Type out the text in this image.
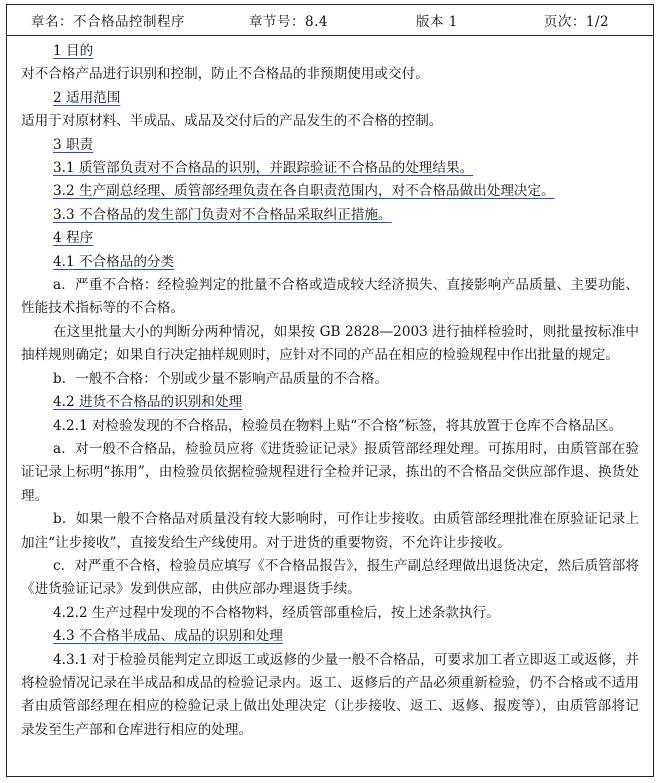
章名：不合格品控制程序	章节号：8.4	版本 1	页次：1/2
1 目的
对不合格产品进行识别和控制，防止不合格品的非预期使用或交付。
2 适用范围
适用于对原材料、半成品、成品及交付后的产品发生的不合格的控制。
3 职责
3.1 质管部负责对不合格品的识别，并跟踪验证不合格品的处理结果。
3.2 生产副总经理、质管部经理负责在各自职责范围内，对不合格品做出处理决定。
3.3 不合格品的发生部门负责对不合格品采取纠正措施。
4 程序
4.1 不合格品的分类
a．严重不合格：经检验判定的批量不合格或造成较大经济损失、直接影响产品质量、主要功能、性能技术指标等的不合格。
在这里批量大小的判断分两种情况，如果按 GB 2828—2003 进行抽样检验时，则批量按标准中抽样规则确定；如果自行决定抽样规则时，应针对不同的产品在相应的检验规程中作出批量的规定。
b．一般不合格：个别或少量不影响产品质量的不合格。
4.2 进货不合格品的识别和处理
4.2.1 对检验发现的不合格品，检验员在物料上贴“不合格”标签，将其放置于仓库不合格品区。
a．对一般不合格品，检验员应将《进货验证记录》报质管部经理处理。可拣用时，由质管部在验证记录上标明“拣用”，由检验员依据检验规程进行全检并记录，拣出的不合格品交供应部作退、换货处理。
b．如果一般不合格品对质量没有较大影响时，可作让步接收。由质管部经理批准在原验证记录上加注“让步接收”，直接发给生产线使用。对于进货的重要物资，不允许让步接收。
c．对严重不合格，检验员应填写《不合格品报告》，报生产副总经理做出退货决定，然后质管部将《进货验证记录》发到供应部，由供应部办理退货手续。
4.2.2 生产过程中发现的不合格物料，经质管部重检后，按上述条款执行。
4.3 不合格半成品、成品的识别和处理
4.3.1 对于检验员能判定立即返工或返修的少量一般不合格品，可要求加工者立即返工或返修，并将检验情况记录在半成品和成品的检验记录内。返工、返修后的产品必须重新检验，仍不合格或不适用者由质管部经理在相应的检验记录上做出处理决定（让步接收、返工、返修、报废等），由质管部将记录发至生产部和仓库进行相应的处理。
